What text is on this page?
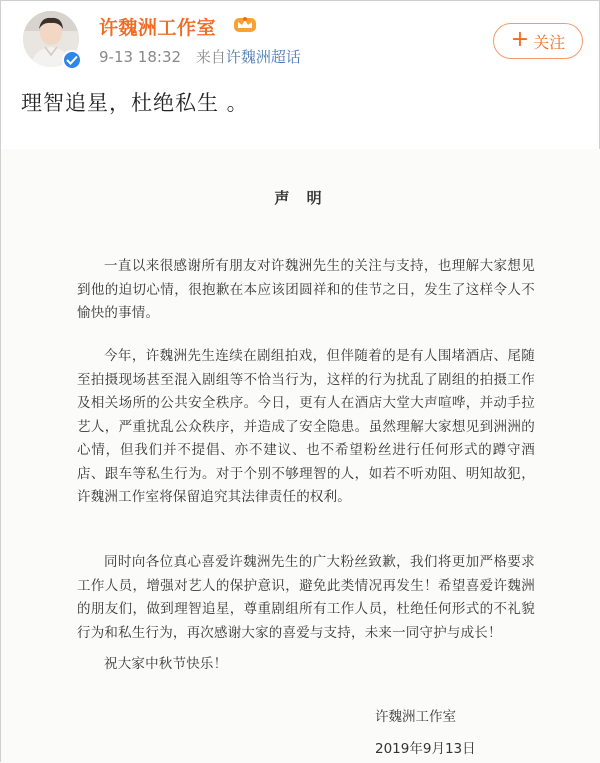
许魏洲工作室
9-13 18:32 来自许魏洲超话
+ 关注
理智追星，杜绝私生 。
声 明
一直以来很感谢所有朋友对许魏洲先生的关注与支持，也理解大家想见到他的迫切心情，很抱歉在本应该团圆祥和的佳节之日，发生了这样令人不愉快的事情。
今年，许魏洲先生连续在剧组拍戏，但伴随着的是有人围堵酒店、尾随至拍摄现场甚至混入剧组等不恰当行为，这样的行为扰乱了剧组的拍摄工作及相关场所的公共安全秩序。今日，更有人在酒店大堂大声喧哗，并动手拉艺人，严重扰乱公众秩序，并造成了安全隐患。虽然理解大家想见到洲洲的心情，但我们并不提倡、亦不建议、也不希望粉丝进行任何形式的蹲守酒店、跟车等私生行为。对于个别不够理智的人，如若不听劝阻、明知故犯，许魏洲工作室将保留追究其法律责任的权利。
同时向各位真心喜爱许魏洲先生的广大粉丝致歉，我们将更加严格要求工作人员，增强对艺人的保护意识，避免此类情况再发生！希望喜爱许魏洲的朋友们，做到理智追星，尊重剧组所有工作人员，杜绝任何形式的不礼貌行为和私生行为，再次感谢大家的喜爱与支持，未来一同守护与成长！
祝大家中秋节快乐！
许魏洲工作室
2019年9月13日
